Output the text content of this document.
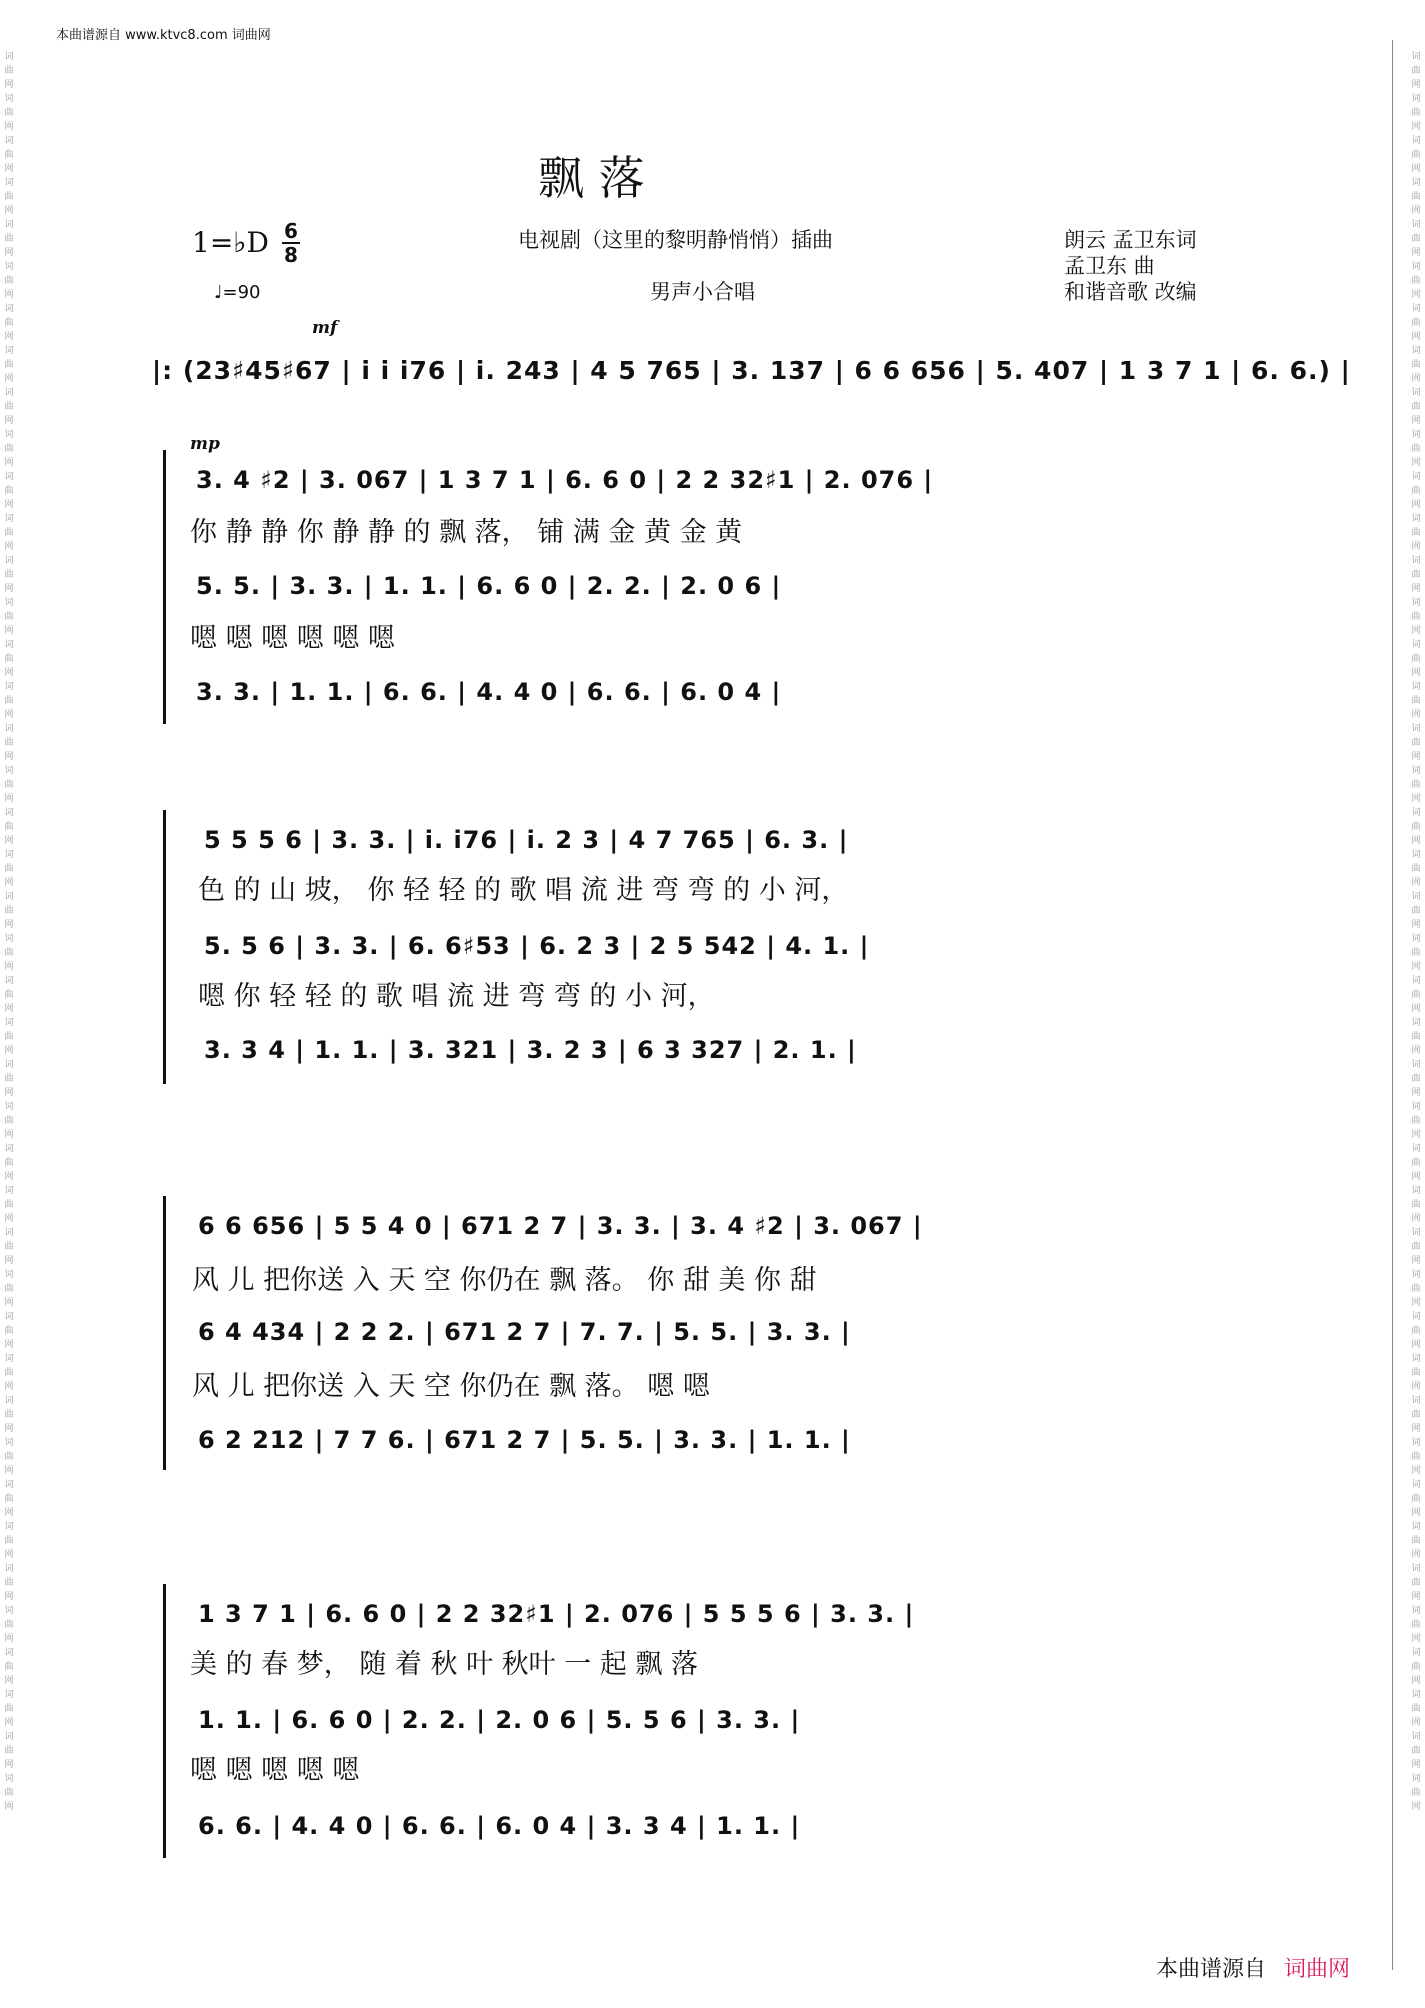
词曲网词曲网词曲网词曲网词曲网词曲网词曲网词曲网词曲网词曲网词曲网词曲网词曲网词曲网词曲网词曲网词曲网词曲网词曲网词曲网词曲网词曲网词曲网词曲网词曲网词曲网词曲网词曲网词曲网词曲网词曲网词曲网词曲网词曲网词曲网词曲网词曲网词曲网词曲网词曲网词曲网词曲网
词曲网词曲网词曲网词曲网词曲网词曲网词曲网词曲网词曲网词曲网词曲网词曲网词曲网词曲网词曲网词曲网词曲网词曲网词曲网词曲网词曲网词曲网词曲网词曲网词曲网词曲网词曲网词曲网词曲网词曲网词曲网词曲网词曲网词曲网词曲网词曲网词曲网词曲网词曲网词曲网词曲网词曲网
本曲谱源自 www.ktvc8.com 词曲网
飘 落
1=♭D 6
8
♩=90
电视剧（这里的黎明静悄悄）插曲
男声小合唱
朗云 孟卫东词
孟卫东 曲
和谐音歌 改编
mf
|: (23♯45♯67 | i i i76 | i. 243 | 4 5 765 | 3. 137 | 6 6 656 | 5. 407 | 1 3 7 1 | 6. 6.) |
mp
3. 4 ♯2 | 3. 067 | 1 3 7 1 | 6. 6 0 | 2 2 32♯1 | 2. 076 |
你 静 静 你 静 静 的 飘 落， 铺 满 金 黄 金 黄
5. 5. | 3. 3. | 1. 1. | 6. 6 0 | 2. 2. | 2. 0 6 |
嗯 嗯 嗯 嗯 嗯 嗯
3. 3. | 1. 1. | 6. 6. | 4. 4 0 | 6. 6. | 6. 0 4 |
5 5 5 6 | 3. 3. | i. i76 | i. 2 3 | 4 7 765 | 6. 3. |
色 的 山 坡， 你 轻 轻 的 歌 唱 流 进 弯 弯 的 小 河，
5. 5 6 | 3. 3. | 6. 6♯53 | 6. 2 3 | 2 5 542 | 4. 1. |
嗯 你 轻 轻 的 歌 唱 流 进 弯 弯 的 小 河，
3. 3 4 | 1. 1. | 3. 321 | 3. 2 3 | 6 3 327 | 2. 1. |
6 6 656 | 5 5 4 0 | 671 2 7 | 3. 3. | 3. 4 ♯2 | 3. 067 |
风 儿 把你送 入 天 空 你仍在 飘 落。 你 甜 美 你 甜
6 4 434 | 2 2 2. | 671 2 7 | 7. 7. | 5. 5. | 3. 3. |
风 儿 把你送 入 天 空 你仍在 飘 落。 嗯 嗯
6 2 212 | 7 7 6. | 671 2 7 | 5. 5. | 3. 3. | 1. 1. |
1 3 7 1 | 6. 6 0 | 2 2 32♯1 | 2. 076 | 5 5 5 6 | 3. 3. |
美 的 春 梦， 随 着 秋 叶 秋叶 一 起 飘 落
1. 1. | 6. 6 0 | 2. 2. | 2. 0 6 | 5. 5 6 | 3. 3. |
嗯 嗯 嗯 嗯 嗯
6. 6. | 4. 4 0 | 6. 6. | 6. 0 4 | 3. 3 4 | 1. 1. |
本曲谱源自 词曲网
